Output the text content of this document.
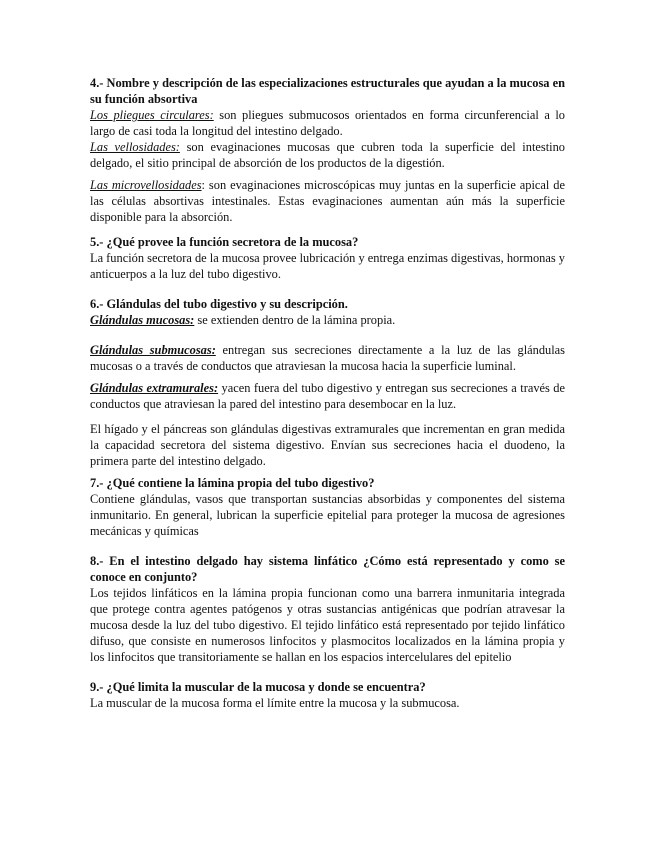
4.- Nombre y descripción de las especializaciones estructurales que ayudan a la mucosa en su función absortiva

Los pliegues circulares: son pliegues submucosos orientados en forma circunferencial a lo largo de casi toda la longitud del intestino delgado.

Las vellosidades: son evaginaciones mucosas que cubren toda la superficie del intestino delgado, el sitio principal de absorción de los productos de la digestión.

Las microvellosidades: son evaginaciones microscópicas muy juntas en la superficie apical de las células absortivas intestinales. Estas evaginaciones aumentan aún más la superficie disponible para la absorción.

5.- ¿Qué provee la función secretora de la mucosa?

La función secretora de la mucosa provee lubricación y entrega enzimas digestivas, hormonas y anticuerpos a la luz del tubo digestivo.

6.- Glándulas del tubo digestivo y su descripción.

Glándulas mucosas: se extienden dentro de la lámina propia.

Glándulas submucosas: entregan sus secreciones directamente a la luz de las glándulas mucosas o a través de conductos que atraviesan la mucosa hacia la superficie luminal.

Glándulas extramurales: yacen fuera del tubo digestivo y entregan sus secreciones a través de conductos que atraviesan la pared del intestino para desembocar en la luz.

El hígado y el páncreas son glándulas digestivas extramurales que incrementan en gran medida la capacidad secretora del sistema digestivo. Envían sus secreciones hacia el duodeno, la primera parte del intestino delgado.

7.- ¿Qué contiene la lámina propia del tubo digestivo?

Contiene glándulas, vasos que transportan sustancias absorbidas y componentes del sistema inmunitario. En general, lubrican la superficie epitelial para proteger la mucosa de agresiones mecánicas y químicas

8.- En el intestino delgado hay sistema linfático ¿Cómo está representado y como se conoce en conjunto?

Los tejidos linfáticos en la lámina propia funcionan como una barrera inmunitaria integrada que protege contra agentes patógenos y otras sustancias antigénicas que podrían atravesar la mucosa desde la luz del tubo digestivo. El tejido linfático está representado por tejido linfático difuso, que consiste en numerosos linfocitos y plasmocitos localizados en la lámina propia y los linfocitos que transitoriamente se hallan en los espacios intercelulares del epitelio

9.- ¿Qué limita la muscular de la mucosa y donde se encuentra?

La muscular de la mucosa forma el límite entre la mucosa y la submucosa.
